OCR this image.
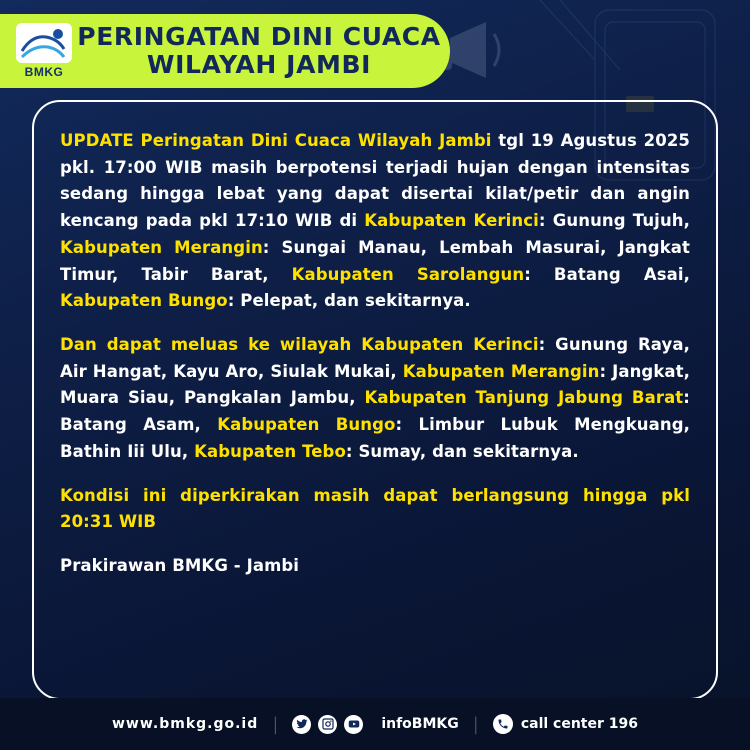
BMKG
PERINGATAN DINI CUACA
WILAYAH JAMBI

UPDATE Peringatan Dini Cuaca Wilayah Jambi tgl 19 Agustus 2025 pkl. 17:00 WIB masih berpotensi terjadi hujan dengan intensitas sedang hingga lebat yang dapat disertai kilat/petir dan angin kencang pada pkl 17:10 WIB di Kabupaten Kerinci: Gunung Tujuh, Kabupaten Merangin: Sungai Manau, Lembah Masurai, Jangkat Timur, Tabir Barat, Kabupaten Sarolangun: Batang Asai, Kabupaten Bungo: Pelepat, dan sekitarnya.

Dan dapat meluas ke wilayah Kabupaten Kerinci: Gunung Raya, Air Hangat, Kayu Aro, Siulak Mukai, Kabupaten Merangin: Jangkat, Muara Siau, Pangkalan Jambu, Kabupaten Tanjung Jabung Barat: Batang Asam, Kabupaten Bungo: Limbur Lubuk Mengkuang, Bathin Iii Ulu, Kabupaten Tebo: Sumay, dan sekitarnya.

Kondisi ini diperkirakan masih dapat berlangsung hingga pkl 20:31 WIB

Prakirawan BMKG - Jambi

www.bmkg.go.id |	infoBMKG |	call center 196
